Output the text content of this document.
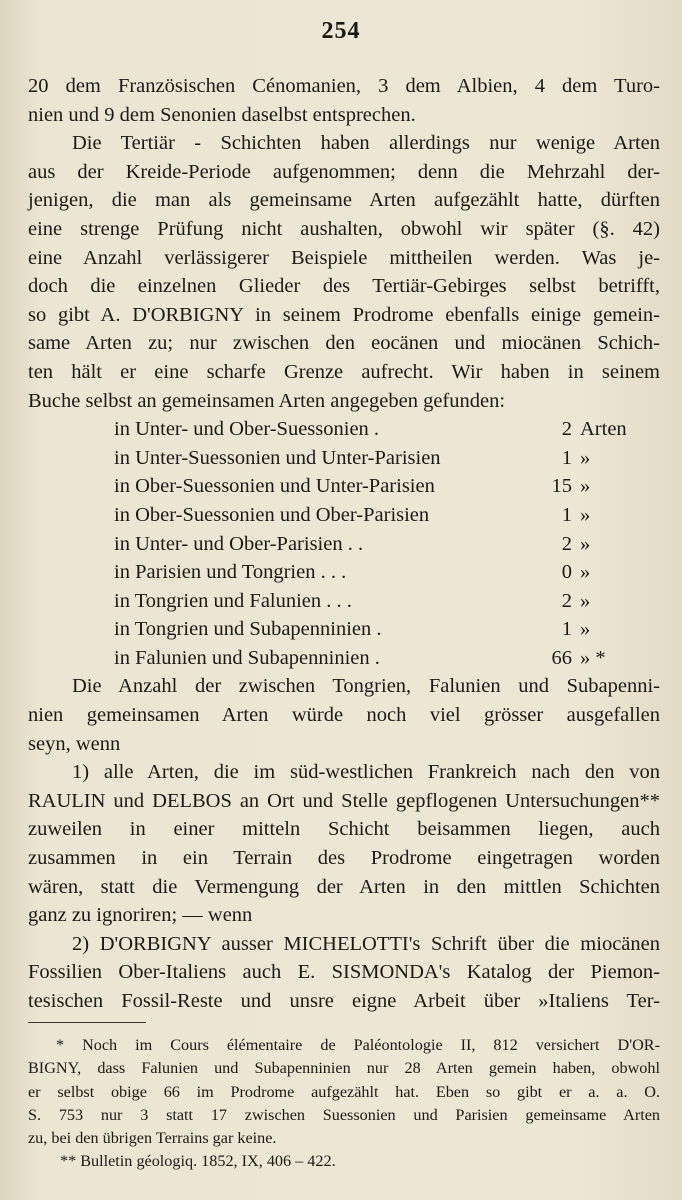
254
20 dem Französischen Cénomanien, 3 dem Albien, 4 dem Turo-
nien und 9 dem Senonien daselbst entsprechen.
Die Tertiär - Schichten haben allerdings nur wenige Arten
aus der Kreide-Periode aufgenommen; denn die Mehrzahl der-
jenigen, die man als gemeinsame Arten aufgezählt hatte, dürften
eine strenge Prüfung nicht aushalten, obwohl wir später (§. 42)
eine Anzahl verlässigerer Beispiele mittheilen werden. Was je-
doch die einzelnen Glieder des Tertiär-Gebirges selbst betrifft,
so gibt A. D'ORBIGNY in seinem Prodrome ebenfalls einige gemein-
same Arten zu; nur zwischen den eocänen und miocänen Schich-
ten hält er eine scharfe Grenze aufrecht. Wir haben in seinem
Buche selbst an gemeinsamen Arten angegeben gefunden:
in Unter- und Ober-Suessonien .	2 Arten
in Unter-Suessonien und Unter-Parisien	1 »
in Ober-Suessonien und Unter-Parisien	15 »
in Ober-Suessonien und Ober-Parisien	1 »
in Unter- und Ober-Parisien . .	2 »
in Parisien und Tongrien . . .	0 »
in Tongrien und Falunien . . .	2 »
in Tongrien und Subapenninien .	1 »
in Falunien und Subapenninien .	66 » *
Die Anzahl der zwischen Tongrien, Falunien und Subapenni-
nien gemeinsamen Arten würde noch viel grösser ausgefallen
seyn, wenn
1) alle Arten, die im süd-westlichen Frankreich nach den von
RAULIN und DELBOS an Ort und Stelle gepflogenen Untersuchungen**
zuweilen in einer mitteln Schicht beisammen liegen, auch
zusammen in ein Terrain des Prodrome eingetragen worden
wären, statt die Vermengung der Arten in den mittlen Schichten
ganz zu ignoriren; — wenn
2) D'ORBIGNY ausser MICHELOTTI's Schrift über die miocänen
Fossilien Ober-Italiens auch E. SISMONDA's Katalog der Piemon-
tesischen Fossil-Reste und unsre eigne Arbeit über »Italiens Ter-
* Noch im Cours élémentaire de Paléontologie II, 812 versichert D'OR-
BIGNY, dass Falunien und Subapenninien nur 28 Arten gemein haben, obwohl
er selbst obige 66 im Prodrome aufgezählt hat. Eben so gibt er a. a. O.
S. 753 nur 3 statt 17 zwischen Suessonien und Parisien gemeinsame Arten
zu, bei den übrigen Terrains gar keine.
** Bulletin géologiq. 1852, IX, 406 – 422.
